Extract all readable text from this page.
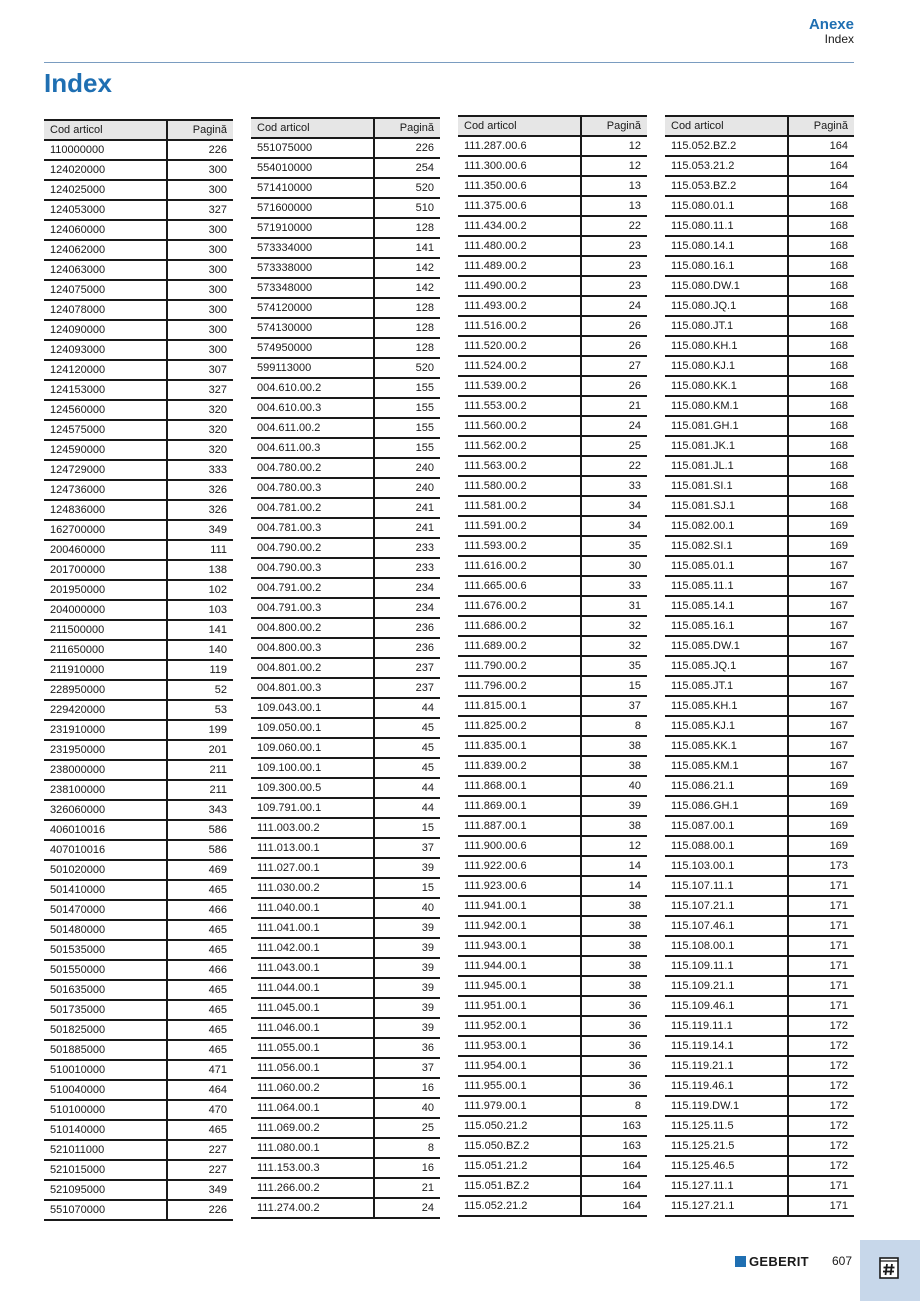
Anexe
Index
Index
Cod articol	Pagină
110000000	226
124020000	300
124025000	300
124053000	327
124060000	300
124062000	300
124063000	300
124075000	300
124078000	300
124090000	300
124093000	300
124120000	307
124153000	327
124560000	320
124575000	320
124590000	320
124729000	333
124736000	326
124836000	326
162700000	349
200460000	111
201700000	138
201950000	102
204000000	103
211500000	141
211650000	140
211910000	119
228950000	52
229420000	53
231910000	199
231950000	201
238000000	211
238100000	211
326060000	343
406010016	586
407010016	586
501020000	469
501410000	465
501470000	466
501480000	465
501535000	465
501550000	466
501635000	465
501735000	465
501825000	465
501885000	465
510010000	471
510040000	464
510100000	470
510140000	465
521011000	227
521015000	227
521095000	349
551070000	226
Cod articol	Pagină
551075000	226
554010000	254
571410000	520
571600000	510
571910000	128
573334000	141
573338000	142
573348000	142
574120000	128
574130000	128
574950000	128
599113000	520
004.610.00.2	155
004.610.00.3	155
004.611.00.2	155
004.611.00.3	155
004.780.00.2	240
004.780.00.3	240
004.781.00.2	241
004.781.00.3	241
004.790.00.2	233
004.790.00.3	233
004.791.00.2	234
004.791.00.3	234
004.800.00.2	236
004.800.00.3	236
004.801.00.2	237
004.801.00.3	237
109.043.00.1	44
109.050.00.1	45
109.060.00.1	45
109.100.00.1	45
109.300.00.5	44
109.791.00.1	44
111.003.00.2	15
111.013.00.1	37
111.027.00.1	39
111.030.00.2	15
111.040.00.1	40
111.041.00.1	39
111.042.00.1	39
111.043.00.1	39
111.044.00.1	39
111.045.00.1	39
111.046.00.1	39
111.055.00.1	36
111.056.00.1	37
111.060.00.2	16
111.064.00.1	40
111.069.00.2	25
111.080.00.1	8
111.153.00.3	16
111.266.00.2	21
111.274.00.2	24
Cod articol	Pagină
111.287.00.6	12
111.300.00.6	12
111.350.00.6	13
111.375.00.6	13
111.434.00.2	22
111.480.00.2	23
111.489.00.2	23
111.490.00.2	23
111.493.00.2	24
111.516.00.2	26
111.520.00.2	26
111.524.00.2	27
111.539.00.2	26
111.553.00.2	21
111.560.00.2	24
111.562.00.2	25
111.563.00.2	22
111.580.00.2	33
111.581.00.2	34
111.591.00.2	34
111.593.00.2	35
111.616.00.2	30
111.665.00.6	33
111.676.00.2	31
111.686.00.2	32
111.689.00.2	32
111.790.00.2	35
111.796.00.2	15
111.815.00.1	37
111.825.00.2	8
111.835.00.1	38
111.839.00.2	38
111.868.00.1	40
111.869.00.1	39
111.887.00.1	38
111.900.00.6	12
111.922.00.6	14
111.923.00.6	14
111.941.00.1	38
111.942.00.1	38
111.943.00.1	38
111.944.00.1	38
111.945.00.1	38
111.951.00.1	36
111.952.00.1	36
111.953.00.1	36
111.954.00.1	36
111.955.00.1	36
111.979.00.1	8
115.050.21.2	163
115.050.BZ.2	163
115.051.21.2	164
115.051.BZ.2	164
115.052.21.2	164
Cod articol	Pagină
115.052.BZ.2	164
115.053.21.2	164
115.053.BZ.2	164
115.080.01.1	168
115.080.11.1	168
115.080.14.1	168
115.080.16.1	168
115.080.DW.1	168
115.080.JQ.1	168
115.080.JT.1	168
115.080.KH.1	168
115.080.KJ.1	168
115.080.KK.1	168
115.080.KM.1	168
115.081.GH.1	168
115.081.JK.1	168
115.081.JL.1	168
115.081.SI.1	168
115.081.SJ.1	168
115.082.00.1	169
115.082.SI.1	169
115.085.01.1	167
115.085.11.1	167
115.085.14.1	167
115.085.16.1	167
115.085.DW.1	167
115.085.JQ.1	167
115.085.JT.1	167
115.085.KH.1	167
115.085.KJ.1	167
115.085.KK.1	167
115.085.KM.1	167
115.086.21.1	169
115.086.GH.1	169
115.087.00.1	169
115.088.00.1	169
115.103.00.1	173
115.107.11.1	171
115.107.21.1	171
115.107.46.1	171
115.108.00.1	171
115.109.11.1	171
115.109.21.1	171
115.109.46.1	171
115.119.11.1	172
115.119.14.1	172
115.119.21.1	172
115.119.46.1	172
115.119.DW.1	172
115.125.11.5	172
115.125.21.5	172
115.125.46.5	172
115.127.11.1	171
115.127.21.1	171
GEBERIT 607
